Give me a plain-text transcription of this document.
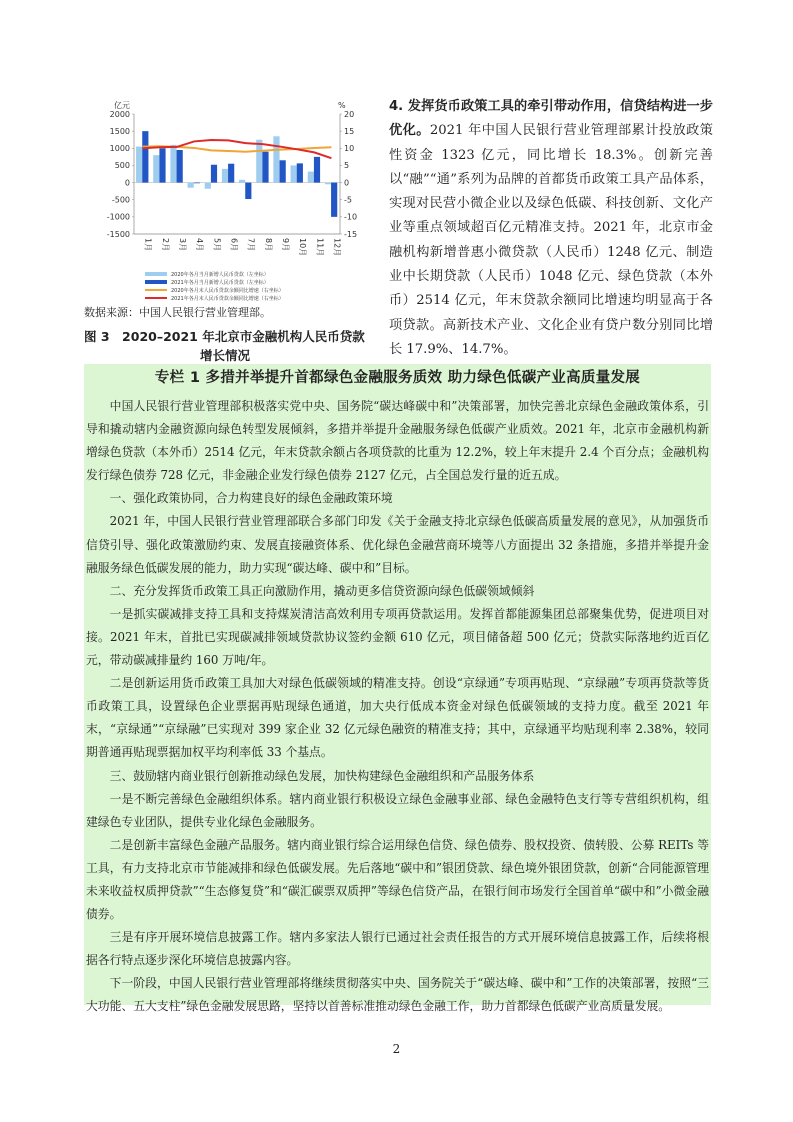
亿元	%
2000
1500
1000
500
0
-500
-1000
-1500
20
15
10
5
0
-5
-10
-15
1月 2月 3月 4月 5月 6月 7月 8月 9月 10月 11月 12月
2020年各月当月新增人民币贷款（左坐标）
2021年各月当月新增人民币贷款（左坐标）
2020年各月末人民币贷款余额同比增速（右坐标）
2021年各月末人民币贷款余额同比增速（右坐标）
数据来源：中国人民银行营业管理部。
图 3　2020–2021 年北京市金融机构人民币贷款
增长情况
4. 发挥货币政策工具的牵引带动作用，信贷结构进一步优化。2021 年中国人民银行营业管理部累计投放政策性资金 1323 亿元，同比增长 18.3%。创新完善以“融”“通”系列为品牌的首都货币政策工具产品体系，实现对民营小微企业以及绿色低碳、科技创新、文化产业等重点领域超百亿元精准支持。2021 年，北京市金融机构新增普惠小微贷款（人民币）1248 亿元、制造业中长期贷款（人民币）1048 亿元、绿色贷款（本外币）2514 亿元，年末贷款余额同比增速均明显高于各项贷款。高新技术产业、文化企业有贷户数分别同比增长 17.9%、14.7%。
专栏 1 多措并举提升首都绿色金融服务质效 助力绿色低碳产业高质量发展

中国人民银行营业管理部积极落实党中央、国务院“碳达峰碳中和”决策部署，加快完善北京绿色金融政策体系，引导和撬动辖内金融资源向绿色转型发展倾斜，多措并举提升金融服务绿色低碳产业质效。2021 年，北京市金融机构新增绿色贷款（本外币）2514 亿元，年末贷款余额占各项贷款的比重为 12.2%，较上年末提升 2.4 个百分点；金融机构发行绿色债券 728 亿元，非金融企业发行绿色债券 2127 亿元，占全国总发行量的近五成。

一、强化政策协同，合力构建良好的绿色金融政策环境

2021 年，中国人民银行营业管理部联合多部门印发《关于金融支持北京绿色低碳高质量发展的意见》，从加强货币信贷引导、强化政策激励约束、发展直接融资体系、优化绿色金融营商环境等八方面提出 32 条措施，多措并举提升金融服务绿色低碳发展的能力，助力实现“碳达峰、碳中和”目标。

二、充分发挥货币政策工具正向激励作用，撬动更多信贷资源向绿色低碳领域倾斜

一是抓实碳减排支持工具和支持煤炭清洁高效利用专项再贷款运用。发挥首都能源集团总部聚集优势，促进项目对接。2021 年末，首批已实现碳减排领域贷款协议签约金额 610 亿元，项目储备超 500 亿元；贷款实际落地约近百亿元，带动碳减排量约 160 万吨/年。

二是创新运用货币政策工具加大对绿色低碳领域的精准支持。创设“京绿通”专项再贴现、“京绿融”专项再贷款等货币政策工具，设置绿色企业票据再贴现绿色通道，加大央行低成本资金对绿色低碳领域的支持力度。截至 2021 年末，“京绿通”“京绿融”已实现对 399 家企业 32 亿元绿色融资的精准支持；其中，京绿通平均贴现利率 2.38%，较同期普通再贴现票据加权平均利率低 33 个基点。

三、鼓励辖内商业银行创新推动绿色发展，加快构建绿色金融组织和产品服务体系

一是不断完善绿色金融组织体系。辖内商业银行积极设立绿色金融事业部、绿色金融特色支行等专营组织机构，组建绿色专业团队，提供专业化绿色金融服务。

二是创新丰富绿色金融产品服务。辖内商业银行综合运用绿色信贷、绿色债券、股权投资、债转股、公募 REITs 等工具，有力支持北京市节能减排和绿色低碳发展。先后落地“碳中和”银团贷款、绿色境外银团贷款，创新“合同能源管理未来收益权质押贷款”“生态修复贷”和“碳汇碳票双质押”等绿色信贷产品，在银行间市场发行全国首单“碳中和”小微金融债券。

三是有序开展环境信息披露工作。辖内多家法人银行已通过社会责任报告的方式开展环境信息披露工作，后续将根据各行特点逐步深化环境信息披露内容。

下一阶段，中国人民银行营业管理部将继续贯彻落实中央、国务院关于“碳达峰、碳中和”工作的决策部署，按照“三大功能、五大支柱”绿色金融发展思路，坚持以首善标准推动绿色金融工作，助力首都绿色低碳产业高质量发展。

2
